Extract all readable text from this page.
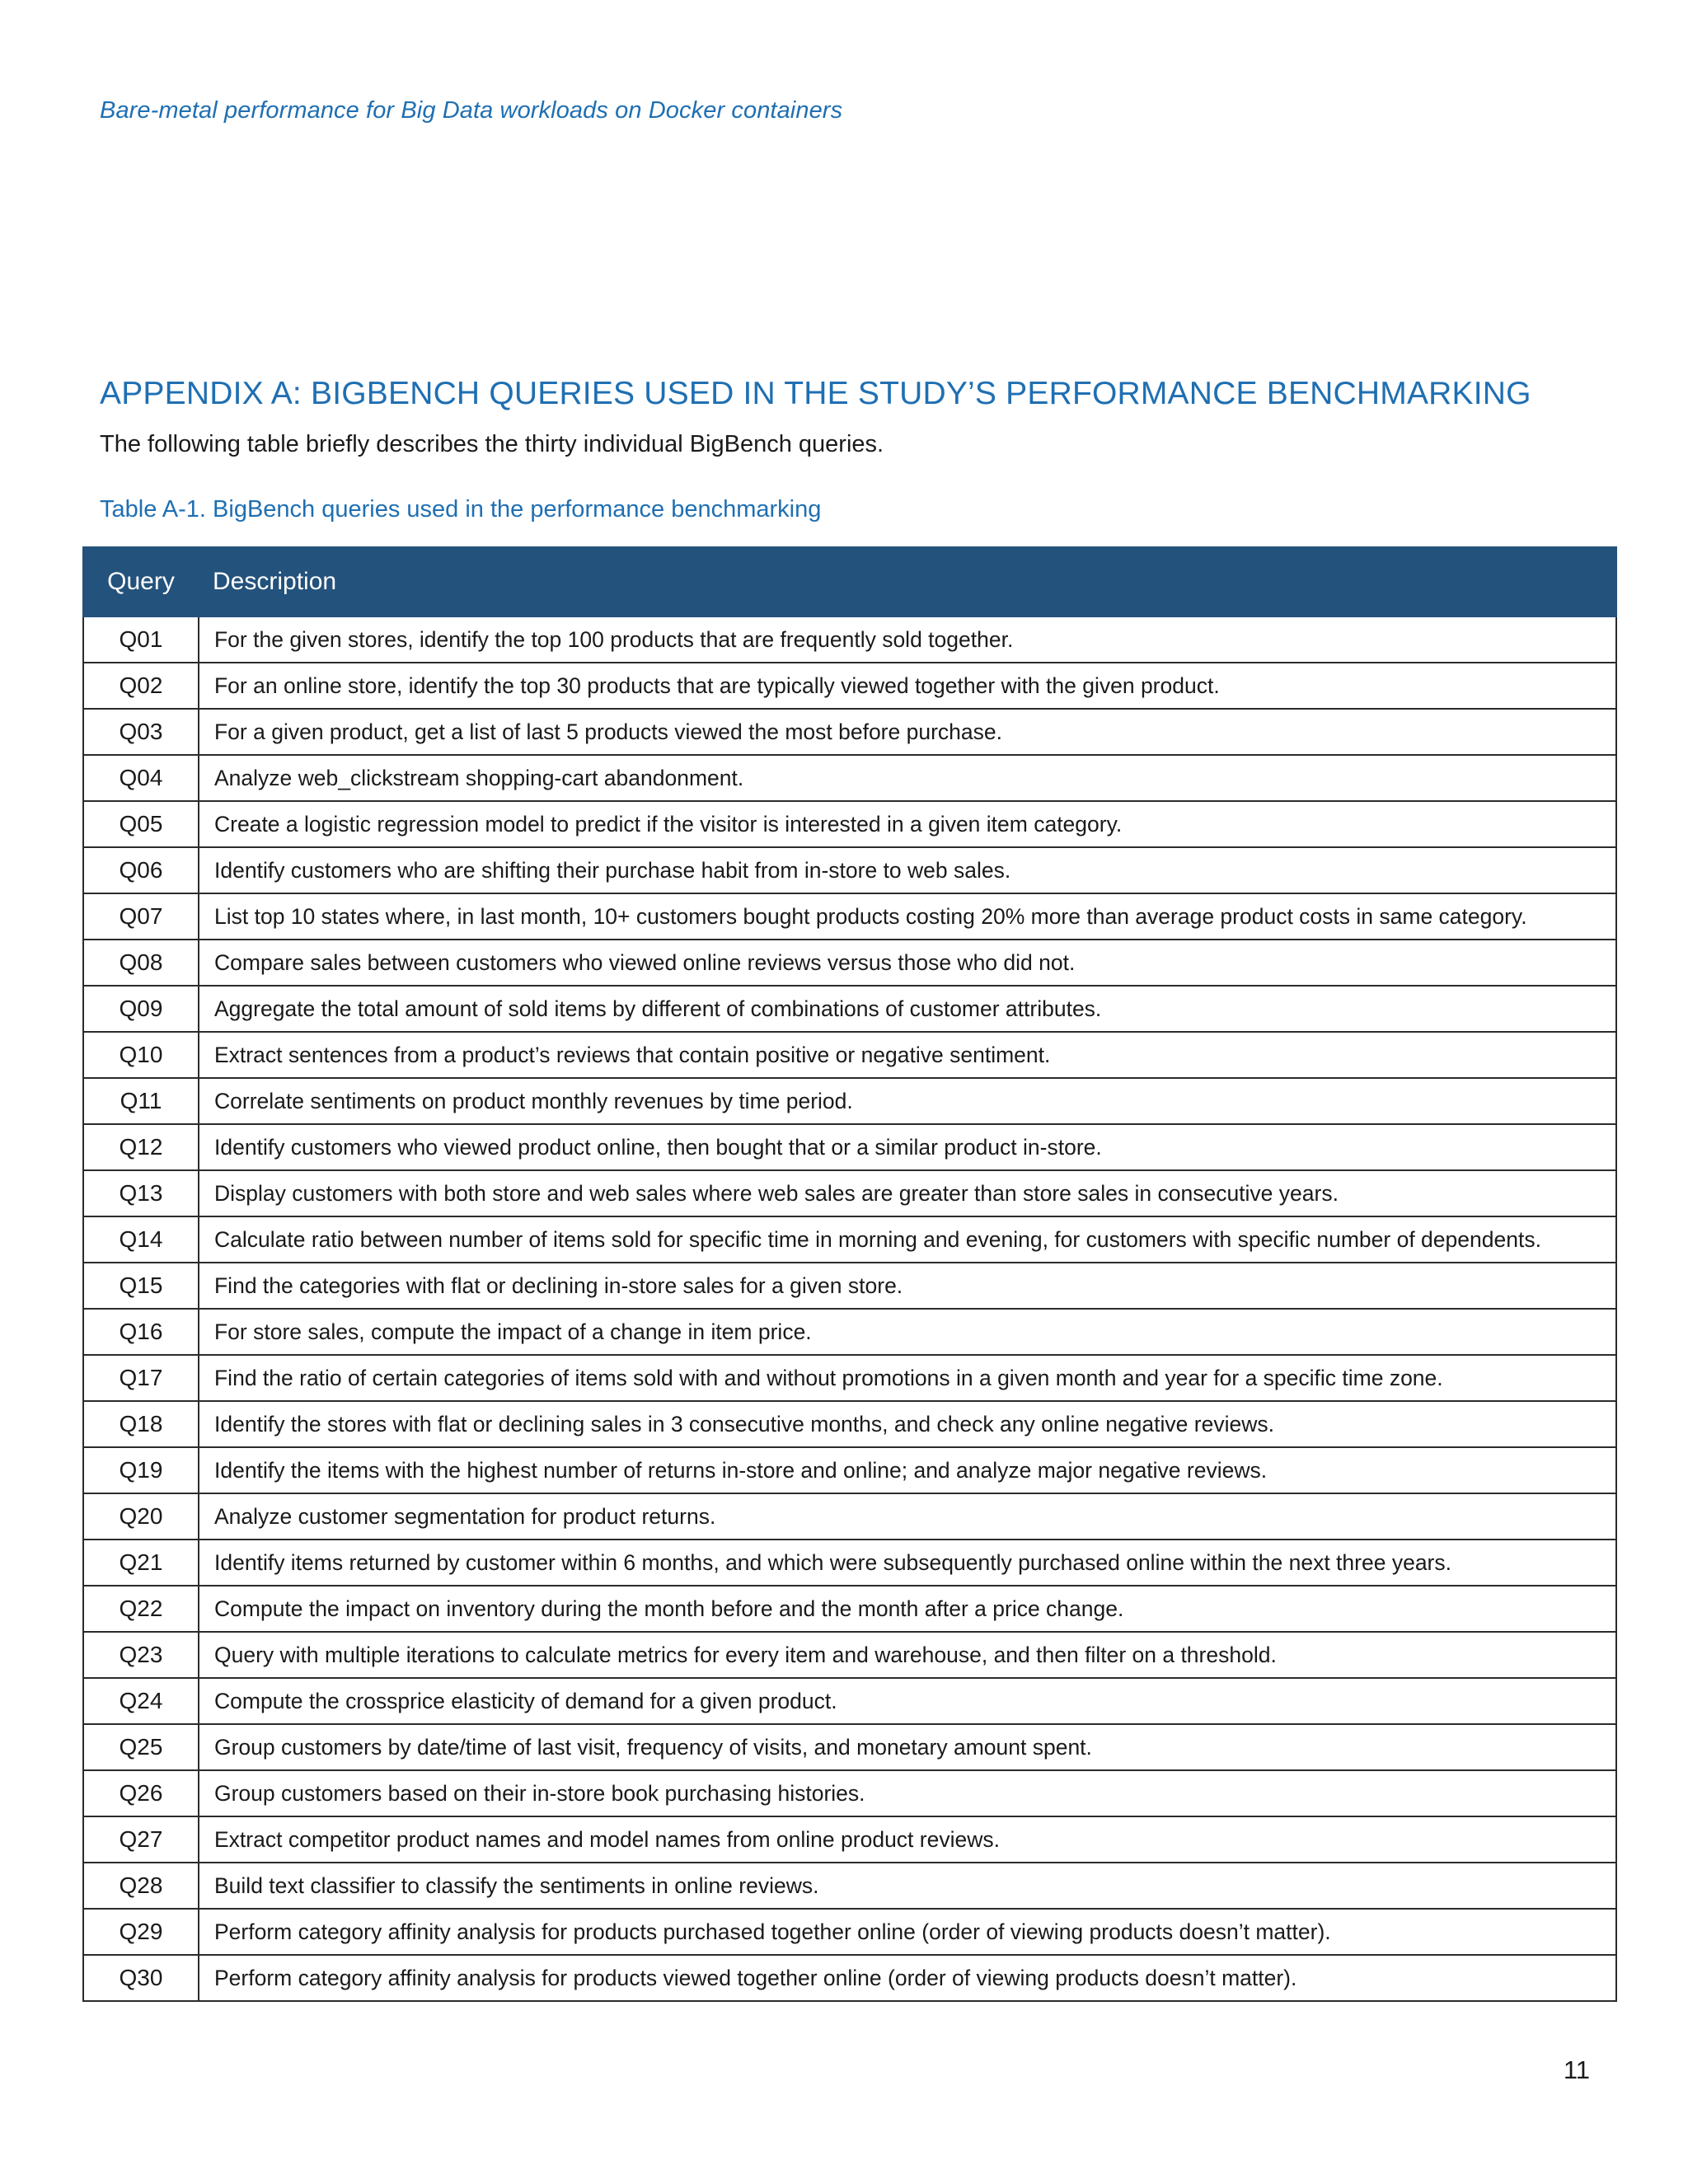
Bare-metal performance for Big Data workloads on Docker containers
APPENDIX A: BIGBENCH QUERIES USED IN THE STUDY’S PERFORMANCE BENCHMARKING
The following table briefly describes the thirty individual BigBench queries.
Table A-1. BigBench queries used in the performance benchmarking
Query	Description
Q01	For the given stores, identify the top 100 products that are frequently sold together.
Q02	For an online store, identify the top 30 products that are typically viewed together with the given product.
Q03	For a given product, get a list of last 5 products viewed the most before purchase.
Q04	Analyze web_clickstream shopping-cart abandonment.
Q05	Create a logistic regression model to predict if the visitor is interested in a given item category.
Q06	Identify customers who are shifting their purchase habit from in-store to web sales.
Q07	List top 10 states where, in last month, 10+ customers bought products costing 20% more than average product costs in same category.
Q08	Compare sales between customers who viewed online reviews versus those who did not.
Q09	Aggregate the total amount of sold items by different of combinations of customer attributes.
Q10	Extract sentences from a product’s reviews that contain positive or negative sentiment.
Q11	Correlate sentiments on product monthly revenues by time period.
Q12	Identify customers who viewed product online, then bought that or a similar product in-store.
Q13	Display customers with both store and web sales where web sales are greater than store sales in consecutive years.
Q14	Calculate ratio between number of items sold for specific time in morning and evening, for customers with specific number of dependents.
Q15	Find the categories with flat or declining in-store sales for a given store.
Q16	For store sales, compute the impact of a change in item price.
Q17	Find the ratio of certain categories of items sold with and without promotions in a given month and year for a specific time zone.
Q18	Identify the stores with flat or declining sales in 3 consecutive months, and check any online negative reviews.
Q19	Identify the items with the highest number of returns in-store and online; and analyze major negative reviews.
Q20	Analyze customer segmentation for product returns.
Q21	Identify items returned by customer within 6 months, and which were subsequently purchased online within the next three years.
Q22	Compute the impact on inventory during the month before and the month after a price change.
Q23	Query with multiple iterations to calculate metrics for every item and warehouse, and then filter on a threshold.
Q24	Compute the crossprice elasticity of demand for a given product.
Q25	Group customers by date/time of last visit, frequency of visits, and monetary amount spent.
Q26	Group customers based on their in-store book purchasing histories.
Q27	Extract competitor product names and model names from online product reviews.
Q28	Build text classifier to classify the sentiments in online reviews.
Q29	Perform category affinity analysis for products purchased together online (order of viewing products doesn’t matter).
Q30	Perform category affinity analysis for products viewed together online (order of viewing products doesn’t matter).
11
